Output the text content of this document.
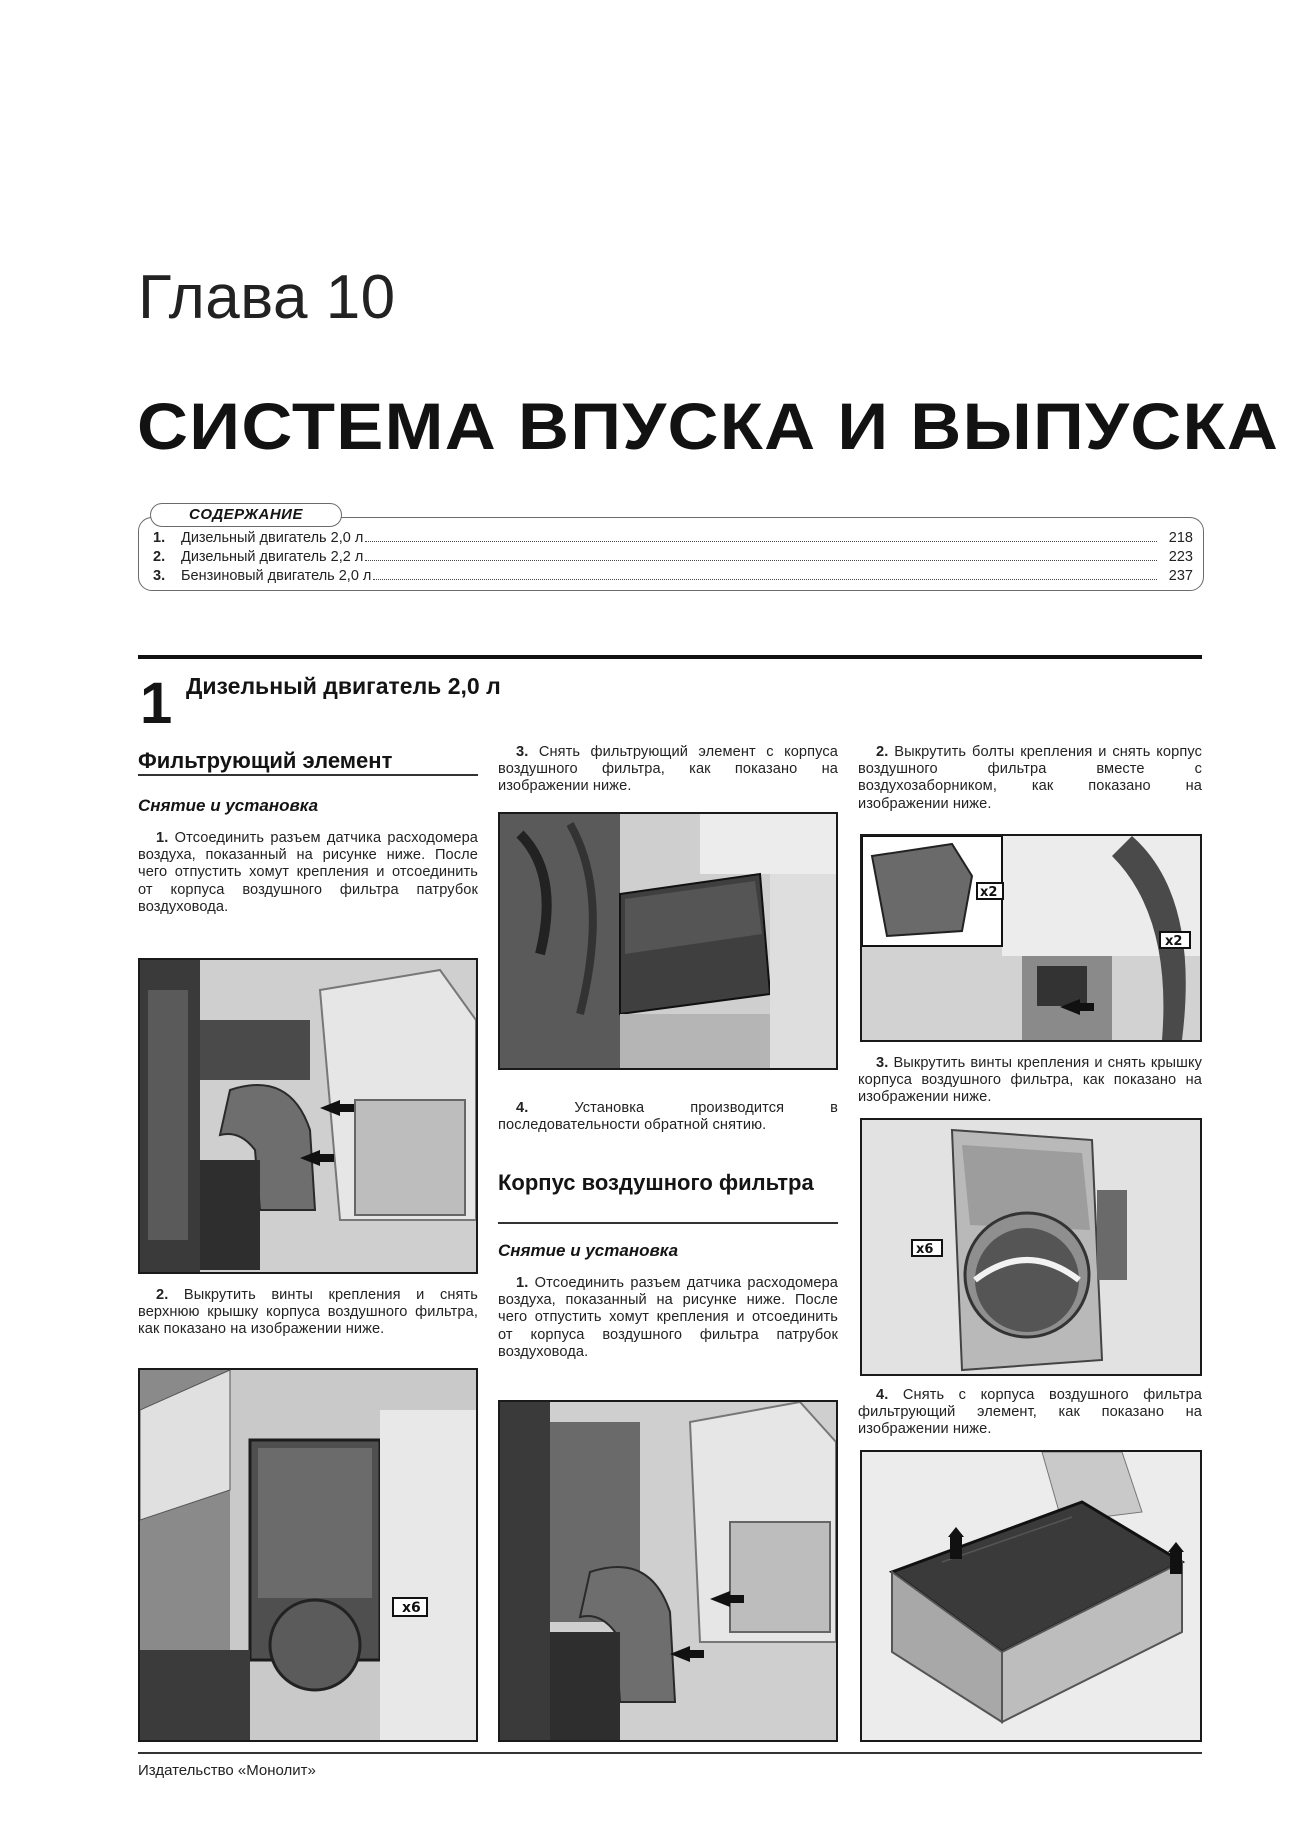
Глава 10
СИСТЕМА ВПУСКА И ВЫПУСКА
СОДЕРЖАНИЕ
1.	Дизельный двигатель 2,0 л	218
2.	Дизельный двигатель 2,2 л	223
3.	Бензиновый двигатель 2,0 л	237
1 Дизельный двигатель 2,0 л
Фильтрующий элемент
Снятие и установка
1. Отсоединить разъем датчика расходомера воздуха, показанный на рисунке ниже. После чего отпустить хомут крепления и отсоединить от корпуса воздушного фильтра патрубок воздуховода.
2. Выкрутить винты крепления и снять верхнюю крышку корпуса воздушного фильтра, как показано на изображении ниже.
x6
3. Снять фильтрующий элемент с корпуса воздушного фильтра, как показано на изображении ниже.
4.	Установка производится в последовательности обратной снятию.
Корпус воздушного фильтра
Снятие и установка
1. Отсоединить разъем датчика расходомера воздуха, показанный на рисунке ниже. После чего отпустить хомут крепления и отсоединить от корпуса воздушного фильтра патрубок воздуховода.
2. Выкрутить болты крепления и снять корпус воздушного фильтра вместе с воздухозаборником, как показано на изображении ниже.
x2
x2
3. Выкрутить винты крепления и снять крышку корпуса воздушного фильтра, как показано на изображении ниже.
x6
4. Снять с корпуса воздушного фильтра фильтрующий элемент, как показано на изображении ниже.
Издательство «Монолит»
